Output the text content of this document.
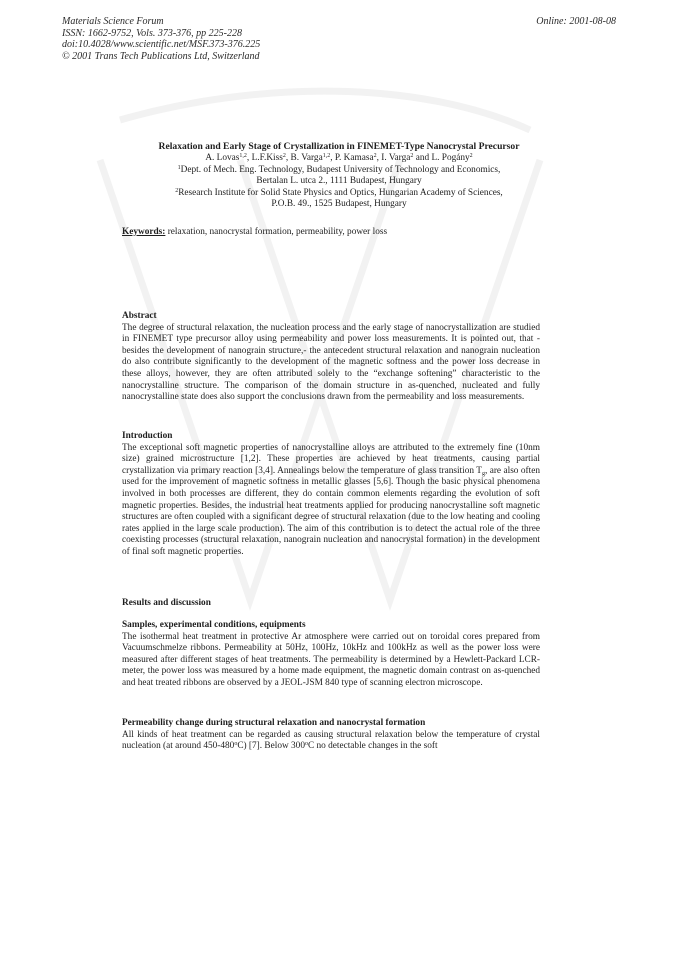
Materials Science Forum
ISSN: 1662-9752, Vols. 373-376, pp 225-228
doi:10.4028/www.scientific.net/MSF.373-376.225
© 2001 Trans Tech Publications Ltd, Switzerland
Online: 2001-08-08
Relaxation and Early Stage of Crystallization in FINEMET-Type Nanocrystal Precursor
A. Lovas$^{1,2}$, L.F.Kiss$^2$, B. Varga$^{1,2}$, P. Kamasa$^2$, I. Varga$^2$ and L. Pogány$^2$
$^1$Dept. of Mech. Eng. Technology, Budapest University of Technology and Economics,
Bertalan L. utca 2., 1111 Budapest, Hungary
$^2$Research Institute for Solid State Physics and Optics, Hungarian Academy of Sciences,
P.O.B. 49., 1525 Budapest, Hungary
Keywords: relaxation, nanocrystal formation, permeability, power loss
Abstract

The degree of structural relaxation, the nucleation process and the early stage of nanocrystallization are studied in FINEMET type precursor alloy using permeability and power loss measurements. It is pointed out, that -besides the development of nanograin structure,- the antecedent structural relaxation and nanograin nucleation do also contribute significantly to the development of the magnetic softness and the power loss decrease in these alloys, however, they are often attributed solely to the “exchange softening” characteristic to the nanocrystalline structure. The comparison of the domain structure in as-quenched, nucleated and fully nanocrystalline state does also support the conclusions drawn from the permeability and loss measurements.

Introduction

The exceptional soft magnetic properties of nanocrystalline alloys are attributed to the extremely fine (10nm size) grained microstructure [1,2]. These properties are achieved by heat treatments, causing partial crystallization via primary reaction [3,4]. Annealings below the temperature of glass transition $T_g$, are also often used for the improvement of magnetic softness in metallic glasses [5,6]. Though the basic physical phenomena involved in both processes are different, they do contain common elements regarding the evolution of soft magnetic properties. Besides, the industrial heat treatments applied for producing nanocrystalline soft magnetic structures are often coupled with a significant degree of structural relaxation (due to the low heating and cooling rates applied in the large scale production). The aim of this contribution is to detect the actual role of the three coexisting processes (structural relaxation, nanograin nucleation and nanocrystal formation) in the development of final soft magnetic properties.

Results and discussion
Samples, experimental conditions, equipments

The isothermal heat treatment in protective Ar atmosphere were carried out on toroidal cores prepared from Vacuumschmelze ribbons. Permeability at 50Hz, 100Hz, 10kHz and 100kHz as well as the power loss were measured after different stages of heat treatments. The permeability is determined by a Hewlett-Packard LCR-meter, the power loss was measured by a home made equipment, the magnetic domain contrast on as-quenched and heat treated ribbons are observed by a JEOL-JSM 840 type of scanning electron microscope.

Permeability change during structural relaxation and nanocrystal formation

All kinds of heat treatment can be regarded as causing structural relaxation below the temperature of crystal nucleation (at around 450-480$^o$C) [7]. Below 300$^o$C no detectable changes in the soft
